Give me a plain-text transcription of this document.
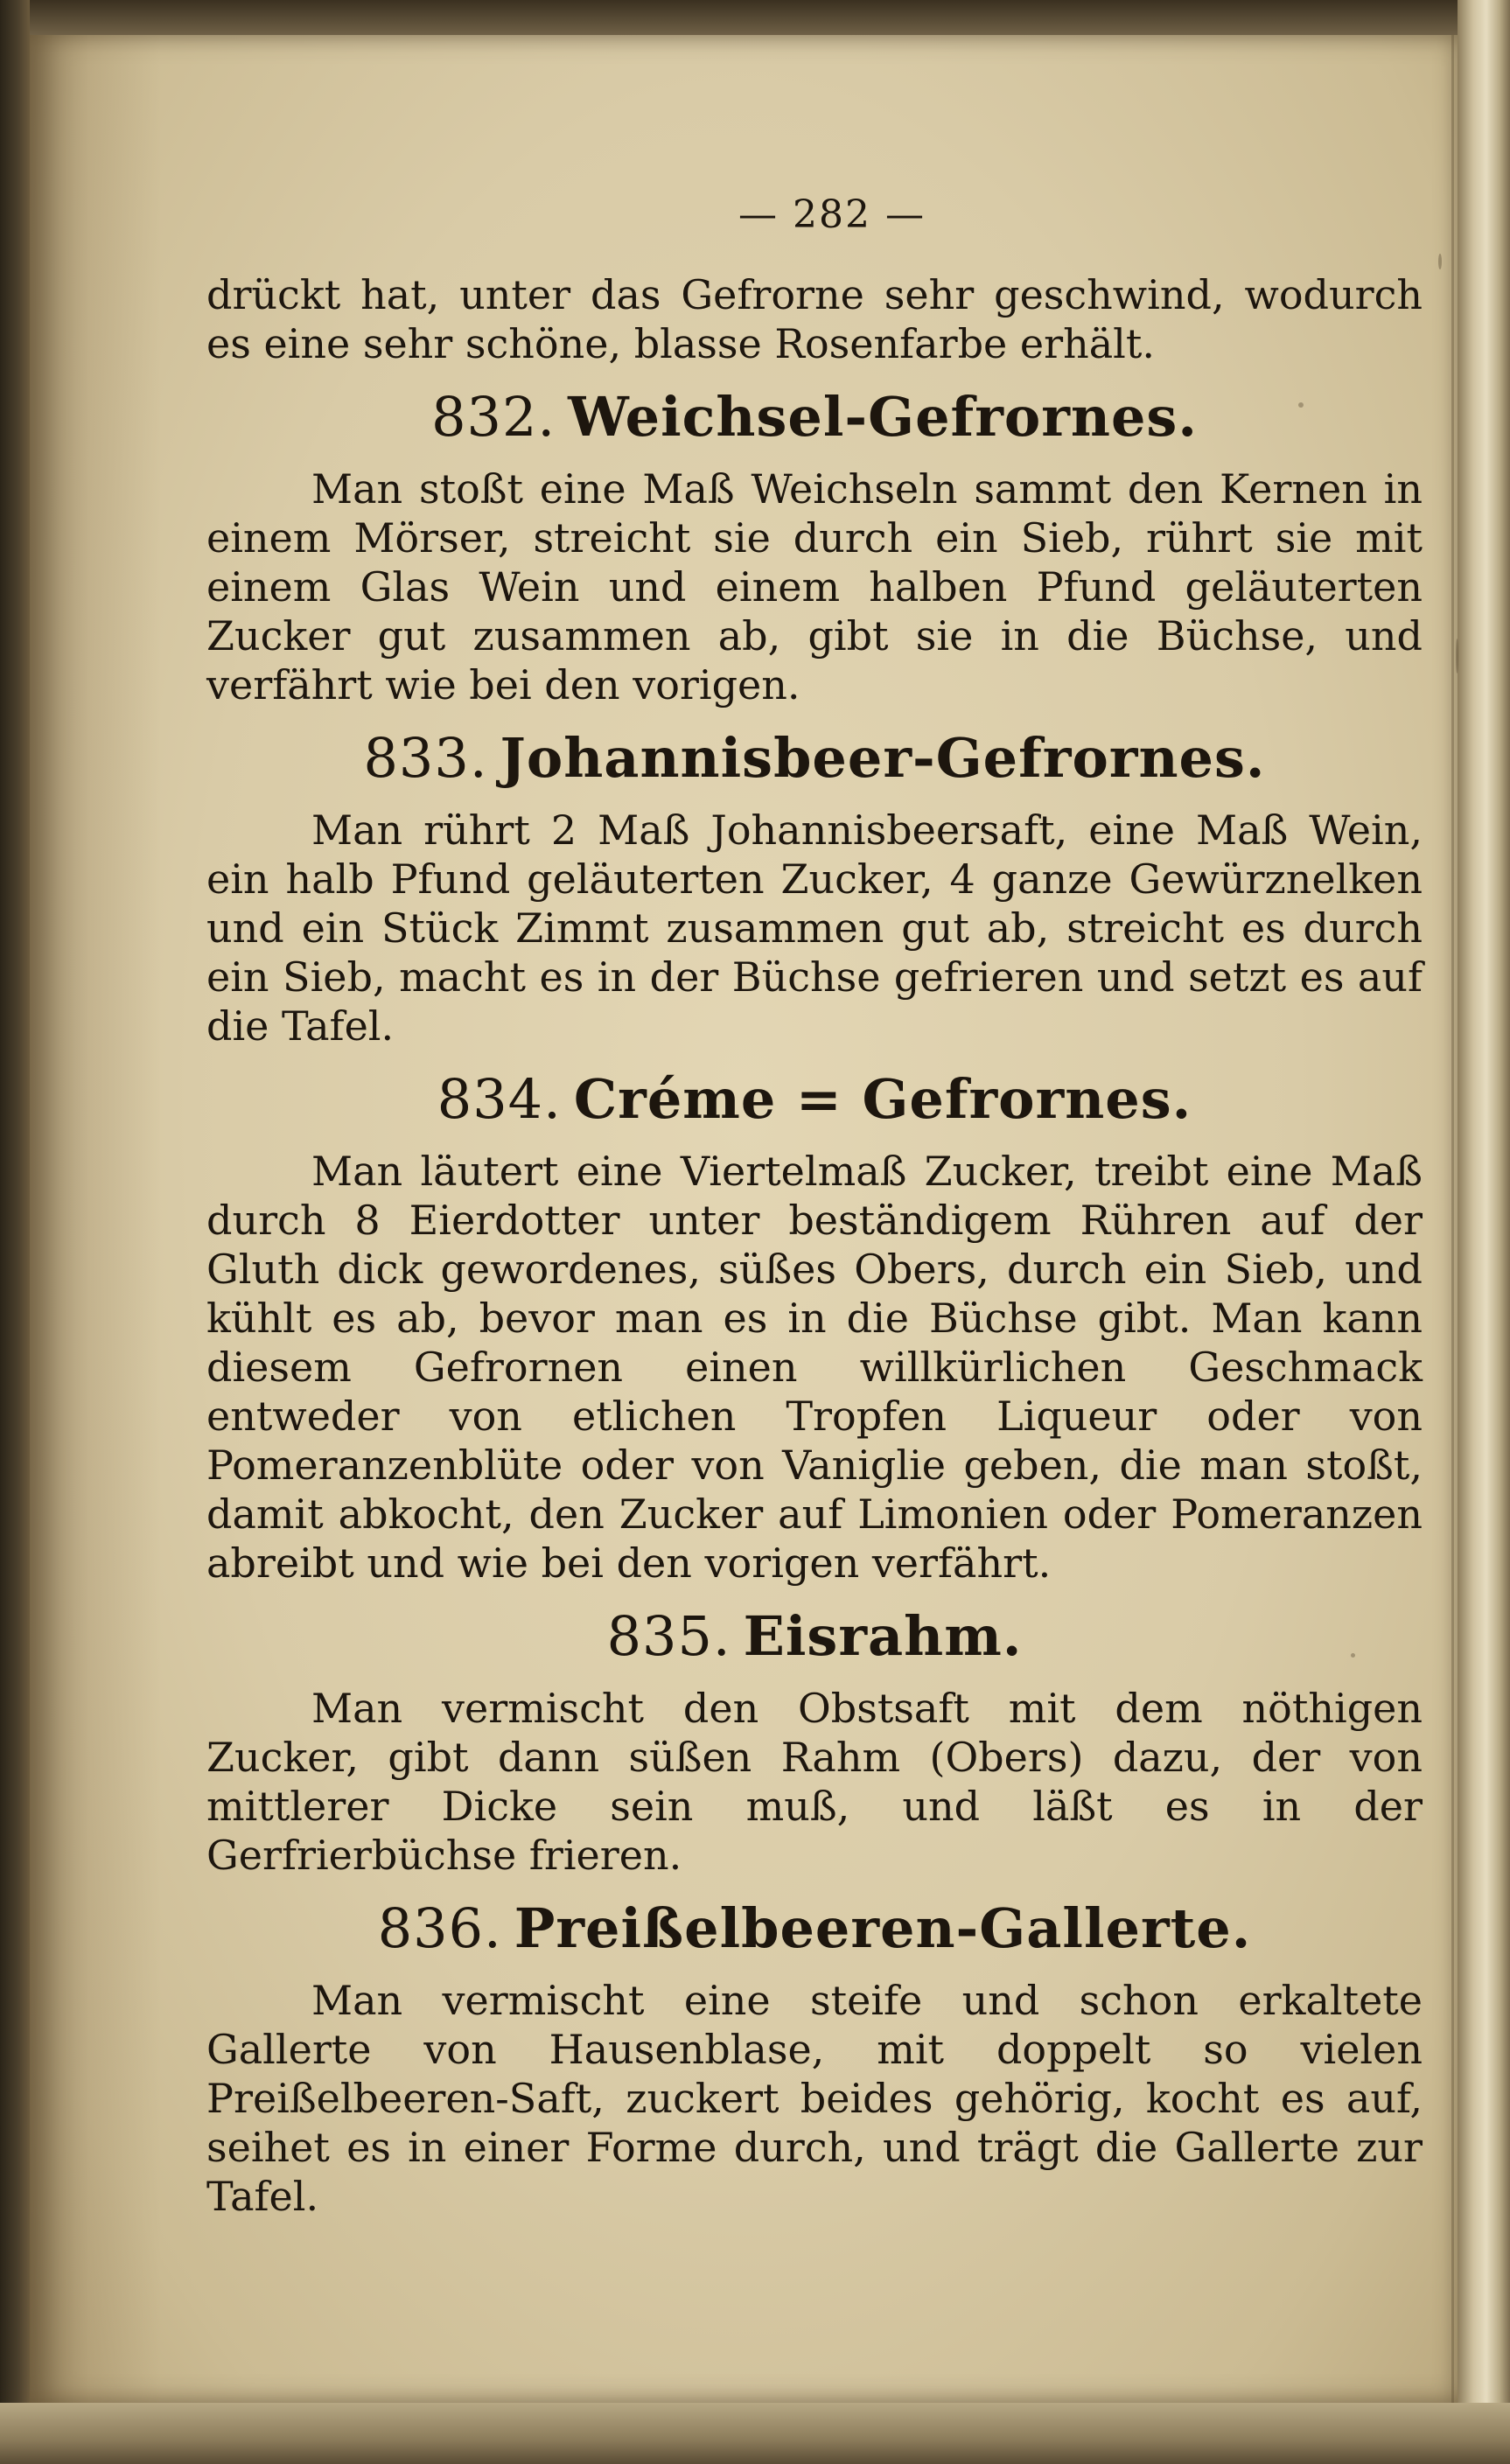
— 282 —

drückt hat, unter das Gefrorne sehr geschwind, wodurch es eine sehr schöne, blasse Rosenfarbe erhält.

832. Weichsel-Gefrornes.

Man stoßt eine Maß Weichseln sammt den Kernen in einem Mörser, streicht sie durch ein Sieb, rührt sie mit einem Glas Wein und einem halben Pfund geläuterten Zucker gut zusammen ab, gibt sie in die Büchse, und verfährt wie bei den vorigen.

833. Johannisbeer-Gefrornes.

Man rührt 2 Maß Johannisbeersaft, eine Maß Wein, ein halb Pfund geläuterten Zucker, 4 ganze Gewürznelken und ein Stück Zimmt zusammen gut ab, streicht es durch ein Sieb, macht es in der Büchse gefrieren und setzt es auf die Tafel.

834. Créme = Gefrornes.

Man läutert eine Viertelmaß Zucker, treibt eine Maß durch 8 Eierdotter unter beständigem Rühren auf der Gluth dick gewordenes, süßes Obers, durch ein Sieb, und kühlt es ab, bevor man es in die Büchse gibt. Man kann diesem Gefrornen einen willkürlichen Geschmack entweder von etlichen Tropfen Liqueur oder von Pomeranzenblüte oder von Vaniglie geben, die man stoßt, damit abkocht, den Zucker auf Limonien oder Pomeranzen abreibt und wie bei den vorigen verfährt.

835. Eisrahm.

Man vermischt den Obstsaft mit dem nöthigen Zucker, gibt dann süßen Rahm (Obers) dazu, der von mittlerer Dicke sein muß, und läßt es in der Gerfrierbüchse frieren.

836. Preißelbeeren-Gallerte.

Man vermischt eine steife und schon erkaltete Gallerte von Hausenblase, mit doppelt so vielen Preißelbeeren-Saft, zuckert beides gehörig, kocht es auf, seihet es in einer Forme durch, und trägt die Gallerte zur Tafel.
